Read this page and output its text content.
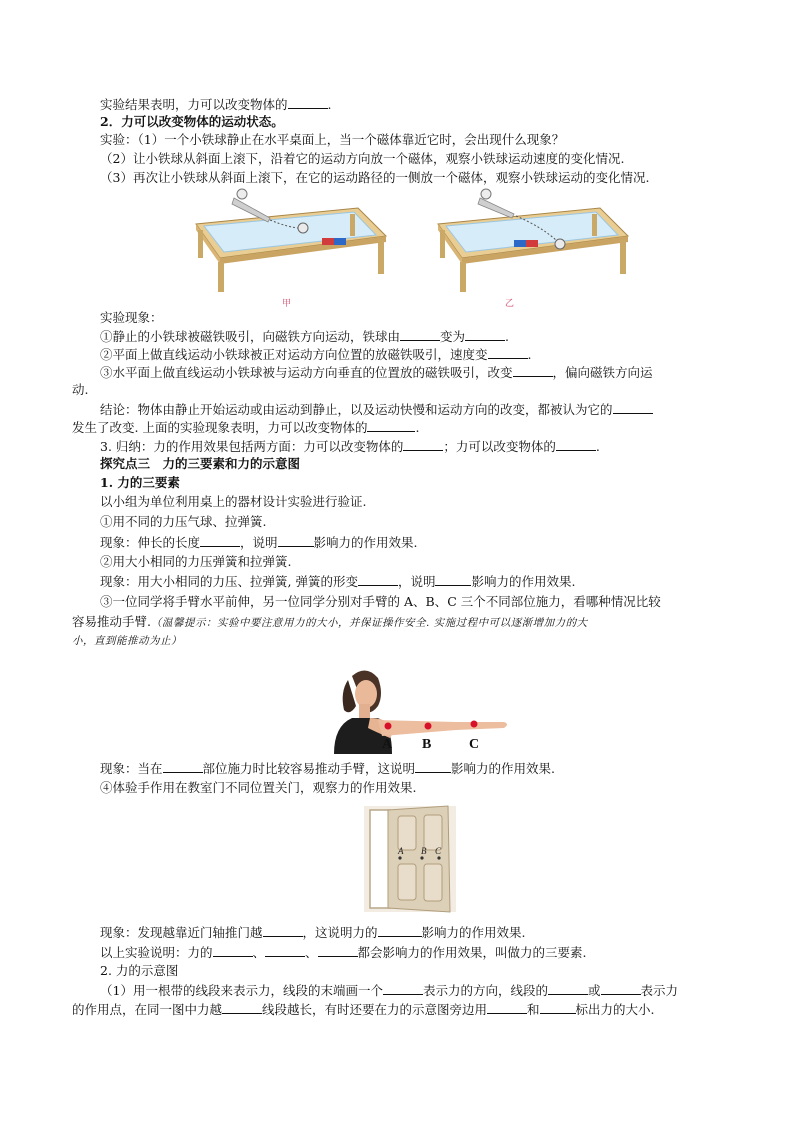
实验结果表明，力可以改变物体的	.
2．力可以改变物体的运动状态。
实验：（1）一个小铁球静止在水平桌面上，当一个磁体靠近它时，会出现什么现象？
（2）让小铁球从斜面上滚下，沿着它的运动方向放一个磁体，观察小铁球运动速度的变化情况.
（3）再次让小铁球从斜面上滚下，在它的运动路径的一侧放一个磁体，观察小铁球运动的变化情况.
甲	乙
实验现象：
①静止的小铁球被磁铁吸引，向磁铁方向运动，铁球由	变为	.
②平面上做直线运动小铁球被正对运动方向位置的放磁铁吸引，速度变	.
③水平面上做直线运动小铁球被与运动方向垂直的位置放的磁铁吸引，改变	，偏向磁铁方向运
动.
结论：物体由静止开始运动或由运动到静止，以及运动快慢和运动方向的改变，都被认为它的
发生了改变. 上面的实验现象表明，力可以改变物体的	.
3. 归纳：力的作用效果包括两方面：力可以改变物体的	；力可以改变物体的	.
探究点三　力的三要素和力的示意图
1. 力的三要素
以小组为单位利用桌上的器材设计实验进行验证.
①用不同的力压气球、拉弹簧.
现象：伸长的长度	，说明	影响力的作用效果.
②用大小相同的力压弹簧和拉弹簧.
现象：用大小相同的力压、拉弹簧, 弹簧的形变	，说明	影响力的作用效果.
③一位同学将手臂水平前伸，另一位同学分别对手臂的 A、B、C 三个不同部位施力，看哪种情况比较
容易推动手臂.（温馨提示：实验中要注意用力的大小，并保证操作安全. 实施过程中可以逐渐增加力的大
小，直到能推动为止）
A B	C
现象：当在	部位施力时比较容易推动手臂，这说明	影响力的作用效果.
④体验手作用在教室门不同位置关门，观察力的作用效果.
A B C
现象：发现越靠近门轴推门越	，这说明力的	影响力的作用效果.
以上实验说明：力的	、	、	都会影响力的作用效果，叫做力的三要素.
2. 力的示意图
（1）用一根带的线段来表示力，线段的末端画一个	表示力的方向，线段的	或	表示力
的作用点，在同一图中力越	线段越长，有时还要在力的示意图旁边用	和	标出力的大小.
